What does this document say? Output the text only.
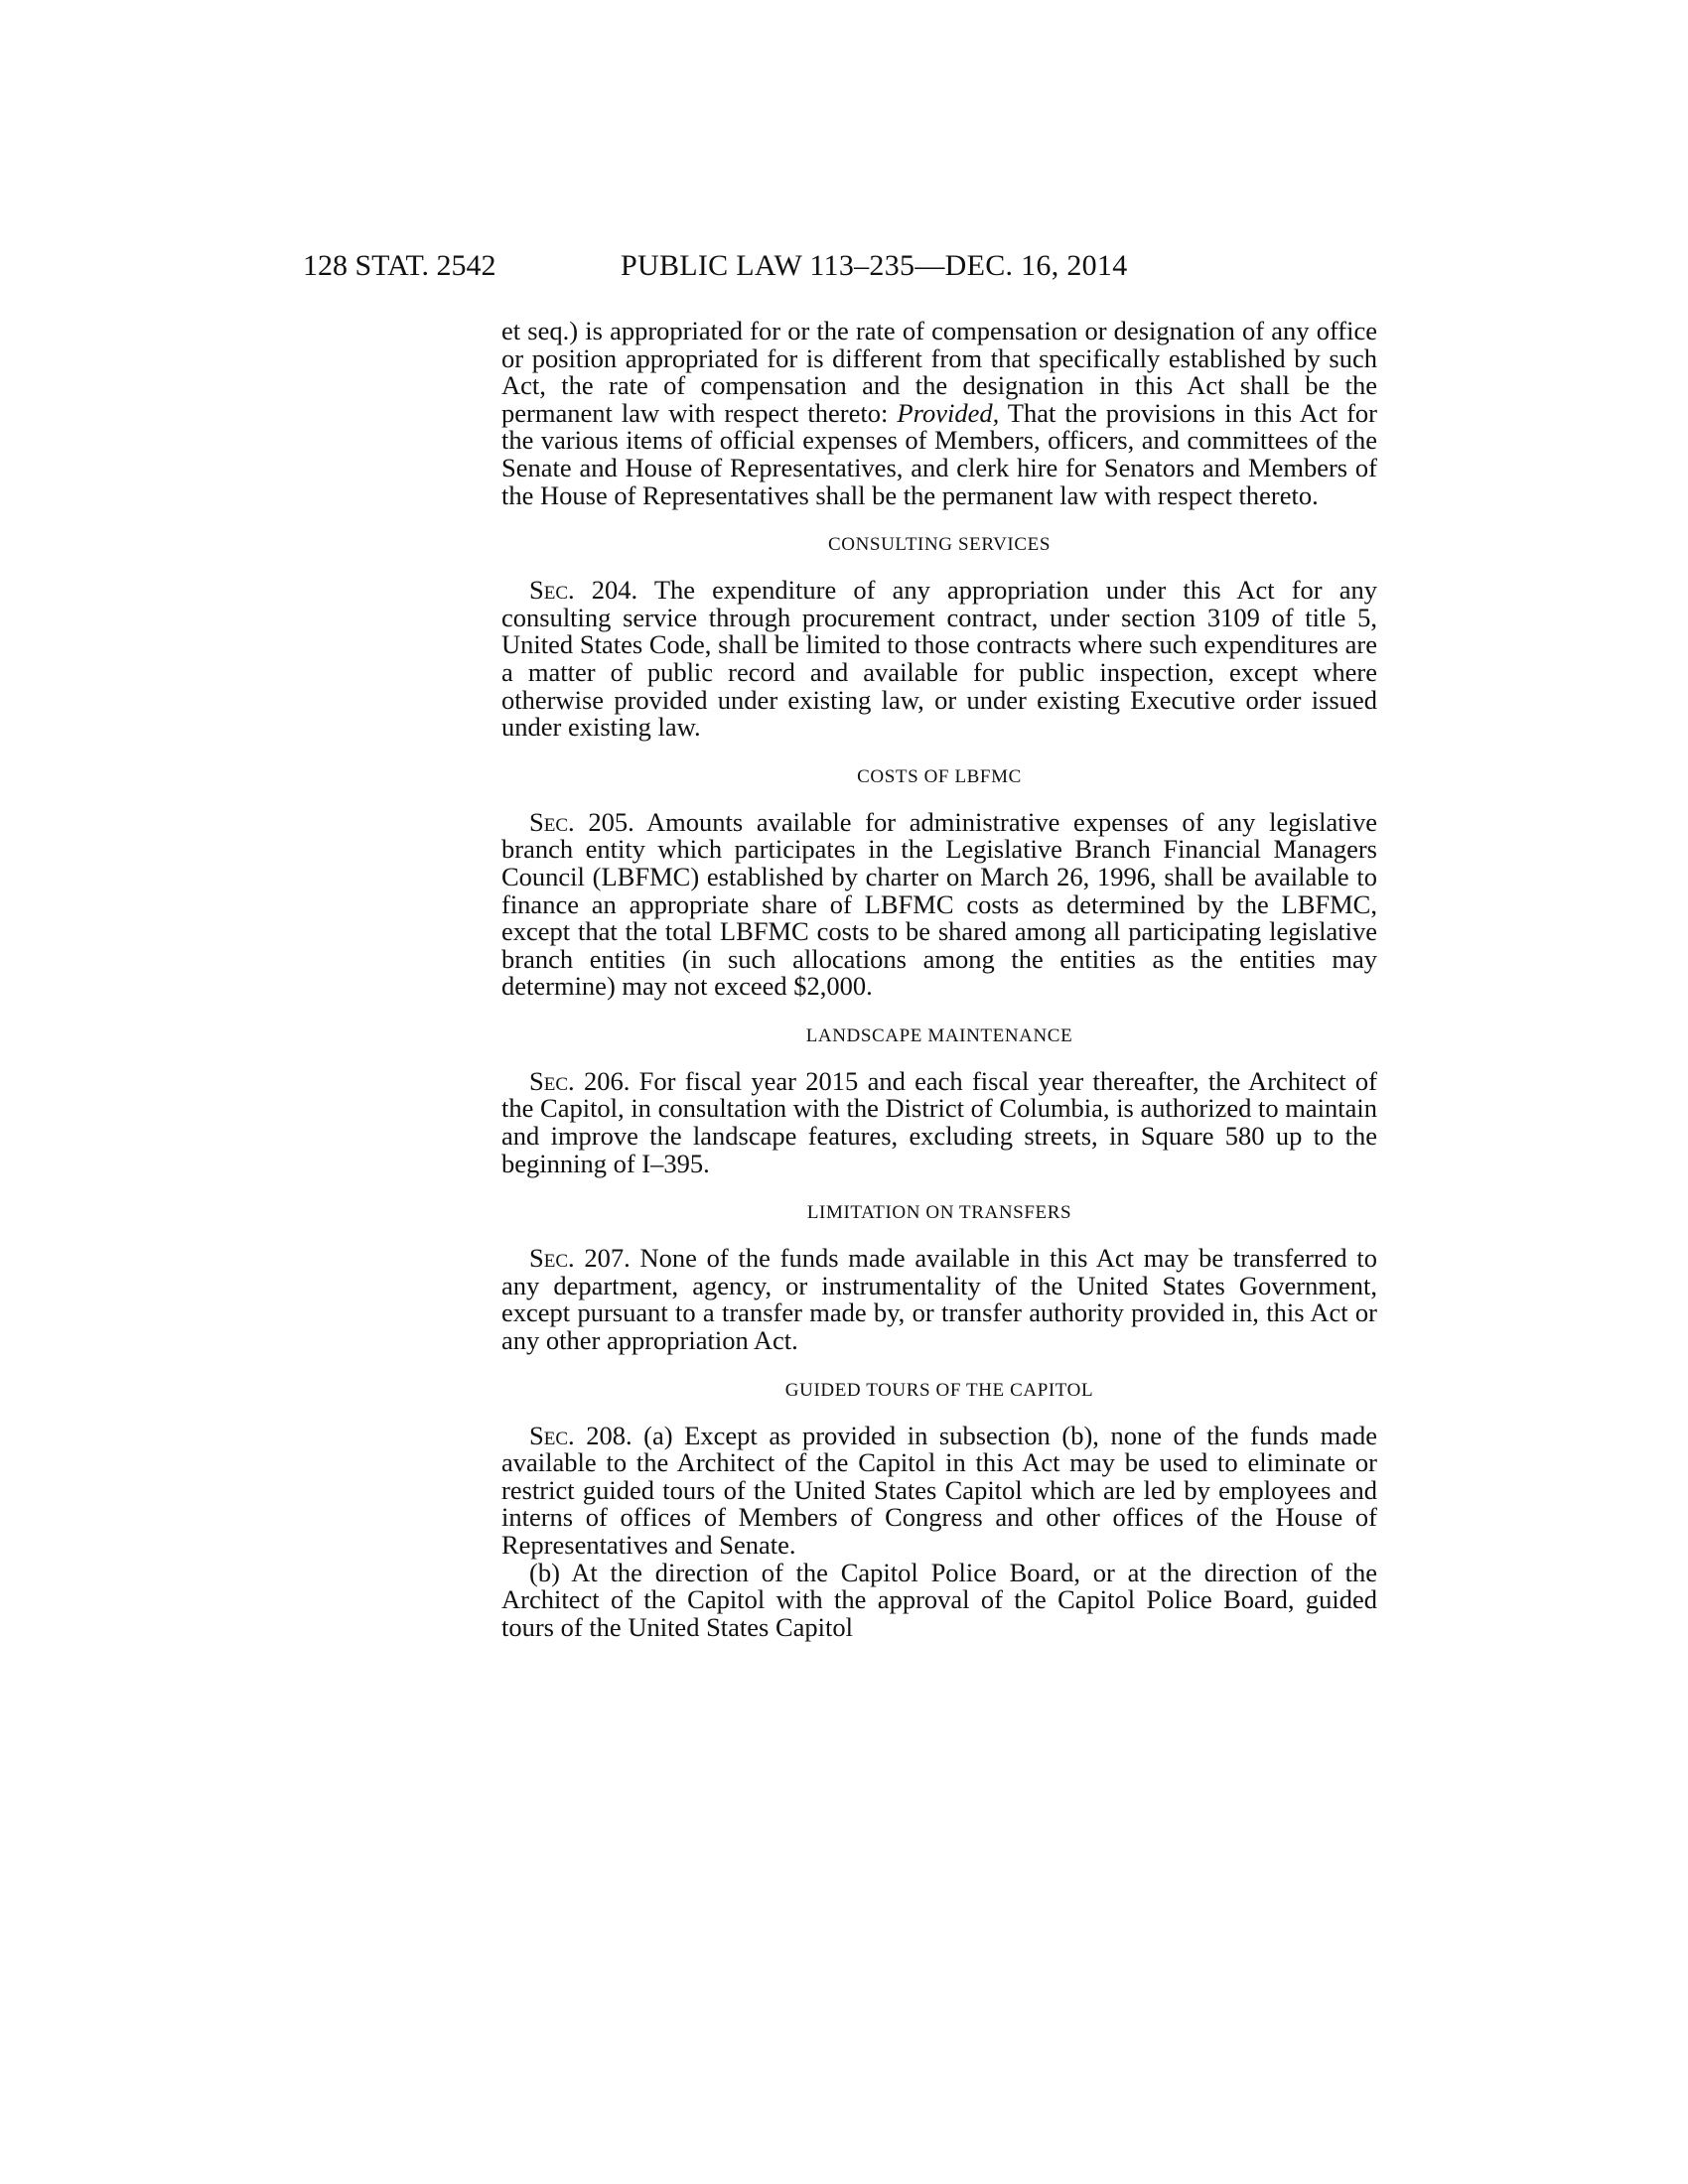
128 STAT. 2542	PUBLIC LAW 113–235—DEC. 16, 2014

et seq.) is appropriated for or the rate of compensation or designation of any office or position appropriated for is different from that specifically established by such Act, the rate of compensation and the designation in this Act shall be the permanent law with respect thereto: Provided, That the provisions in this Act for the various items of official expenses of Members, officers, and committees of the Senate and House of Representatives, and clerk hire for Senators and Members of the House of Representatives shall be the permanent law with respect thereto.

CONSULTING SERVICES

Sec. 204. The expenditure of any appropriation under this Act for any consulting service through procurement contract, under section 3109 of title 5, United States Code, shall be limited to those contracts where such expenditures are a matter of public record and available for public inspection, except where otherwise provided under existing law, or under existing Executive order issued under existing law.

COSTS OF LBFMC

Sec. 205. Amounts available for administrative expenses of any legislative branch entity which participates in the Legislative Branch Financial Managers Council (LBFMC) established by charter on March 26, 1996, shall be available to finance an appropriate share of LBFMC costs as determined by the LBFMC, except that the total LBFMC costs to be shared among all participating legislative branch entities (in such allocations among the entities as the entities may determine) may not exceed $2,000.

LANDSCAPE MAINTENANCE

Sec. 206. For fiscal year 2015 and each fiscal year thereafter, the Architect of the Capitol, in consultation with the District of Columbia, is authorized to maintain and improve the landscape features, excluding streets, in Square 580 up to the beginning of I–395.

LIMITATION ON TRANSFERS

Sec. 207. None of the funds made available in this Act may be transferred to any department, agency, or instrumentality of the United States Government, except pursuant to a transfer made by, or transfer authority provided in, this Act or any other appropriation Act.

GUIDED TOURS OF THE CAPITOL

Sec. 208. (a) Except as provided in subsection (b), none of the funds made available to the Architect of the Capitol in this Act may be used to eliminate or restrict guided tours of the United States Capitol which are led by employees and interns of offices of Members of Congress and other offices of the House of Representatives and Senate.

(b) At the direction of the Capitol Police Board, or at the direction of the Architect of the Capitol with the approval of the Capitol Police Board, guided tours of the United States Capitol
